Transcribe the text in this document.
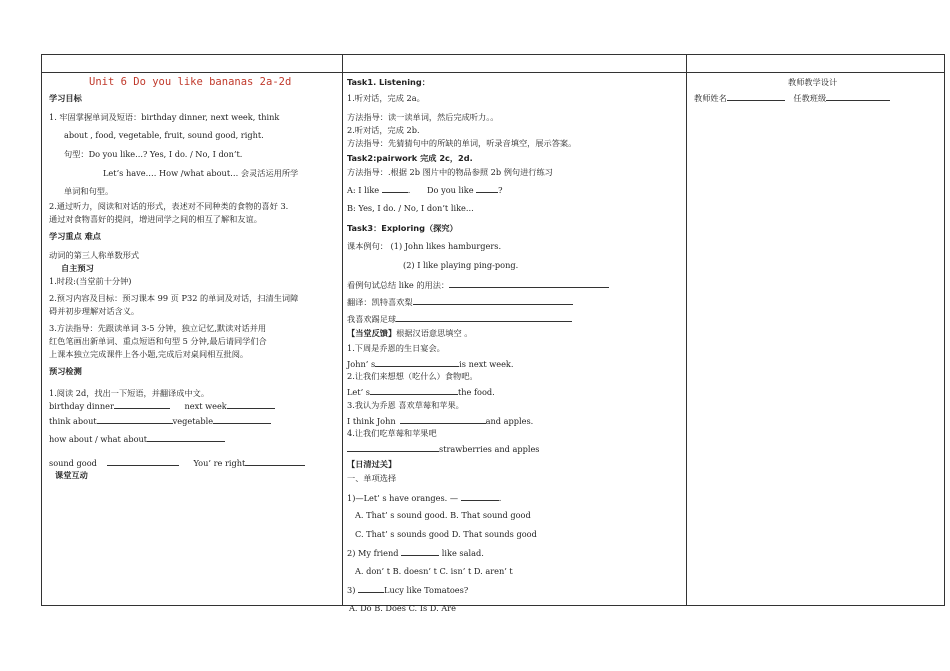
Unit 6 Do you like bananas 2a-2d
学习目标
1. 牢固掌握单词及短语：birthday dinner, next week, think
about , food, vegetable, fruit, sound good, right.
句型：Do you like...? Yes, I do. / No, I don’t.
Let’s have.… How /what about… 会灵活运用所学
单词和句型。
2.通过听力，阅读和对话的形式，表述对不同种类的食物的喜好 3.
通过对食物喜好的提问，增进同学之间的相互了解和友谊。
学习重点 难点
动词的第三人称单数形式
自主预习
1.时段:(当堂前十分钟)
2.预习内容及目标：预习课本 99 页 P32 的单词及对话，扫清生词障
碍并初步理解对话含义。
3.方法指导：先跟读单词 3-5 分钟，独立记忆,默读对话并用
红色笔画出新单词、重点短语和句型 5 分钟,最后请同学们合
上课本独立完成课件上各小题,完成后对桌间相互批阅。
预习检测
1.阅读 2d，找出一下短语，并翻译成中文。
birthday dinner	next week
think about	vegetable
how about / what about
sound good	You’ re right
课堂互动
Task1. Listening：
1.听对话，完成 2a。
方法指导：读一读单词，然后完成听力。。
2.听对话，完成 2b.
方法指导：先猜猜句中的所缺的单词，听录音填空，展示答案。
Task2:pairwork 完成 2c，2d.
方法指导：.根据 2b 图片中的物品参照 2b 例句进行练习
A: I like	. Do you like	?
B: Yes, I do. / No, I don’t like...
Task3：Exploring（探究）
课本例句： (1) John likes hamburgers.
(2) I like playing ping-pong.
看例句试总结 like 的用法：
翻译：凯特喜欢梨
我喜欢踢足球
【当堂反馈】根据汉语意思填空 。
1.下周是乔恩的生日宴会。
John’ s	is next week.
2.让我们来想想（吃什么）食物吧。
Let’ s	the food.
3.我认为乔恩 喜欢草莓和苹果。
I think John	and apples.
4.让我们吃草莓和苹果吧
strawberries and apples
【日清过关】
一、单项选择
1)—Let’ s have oranges. —	.
A. That’ s sound good. B. That sound good
C. That’ s sounds good D. That sounds good
2) My friend	like salad.
A. don’ t B. doesn’ t C. isn’ t D. aren’ t
3)	Lucy like Tomatoes?
A. Do B. Does C. Is D. Are
教师教学设计
教师姓名	任教班级
